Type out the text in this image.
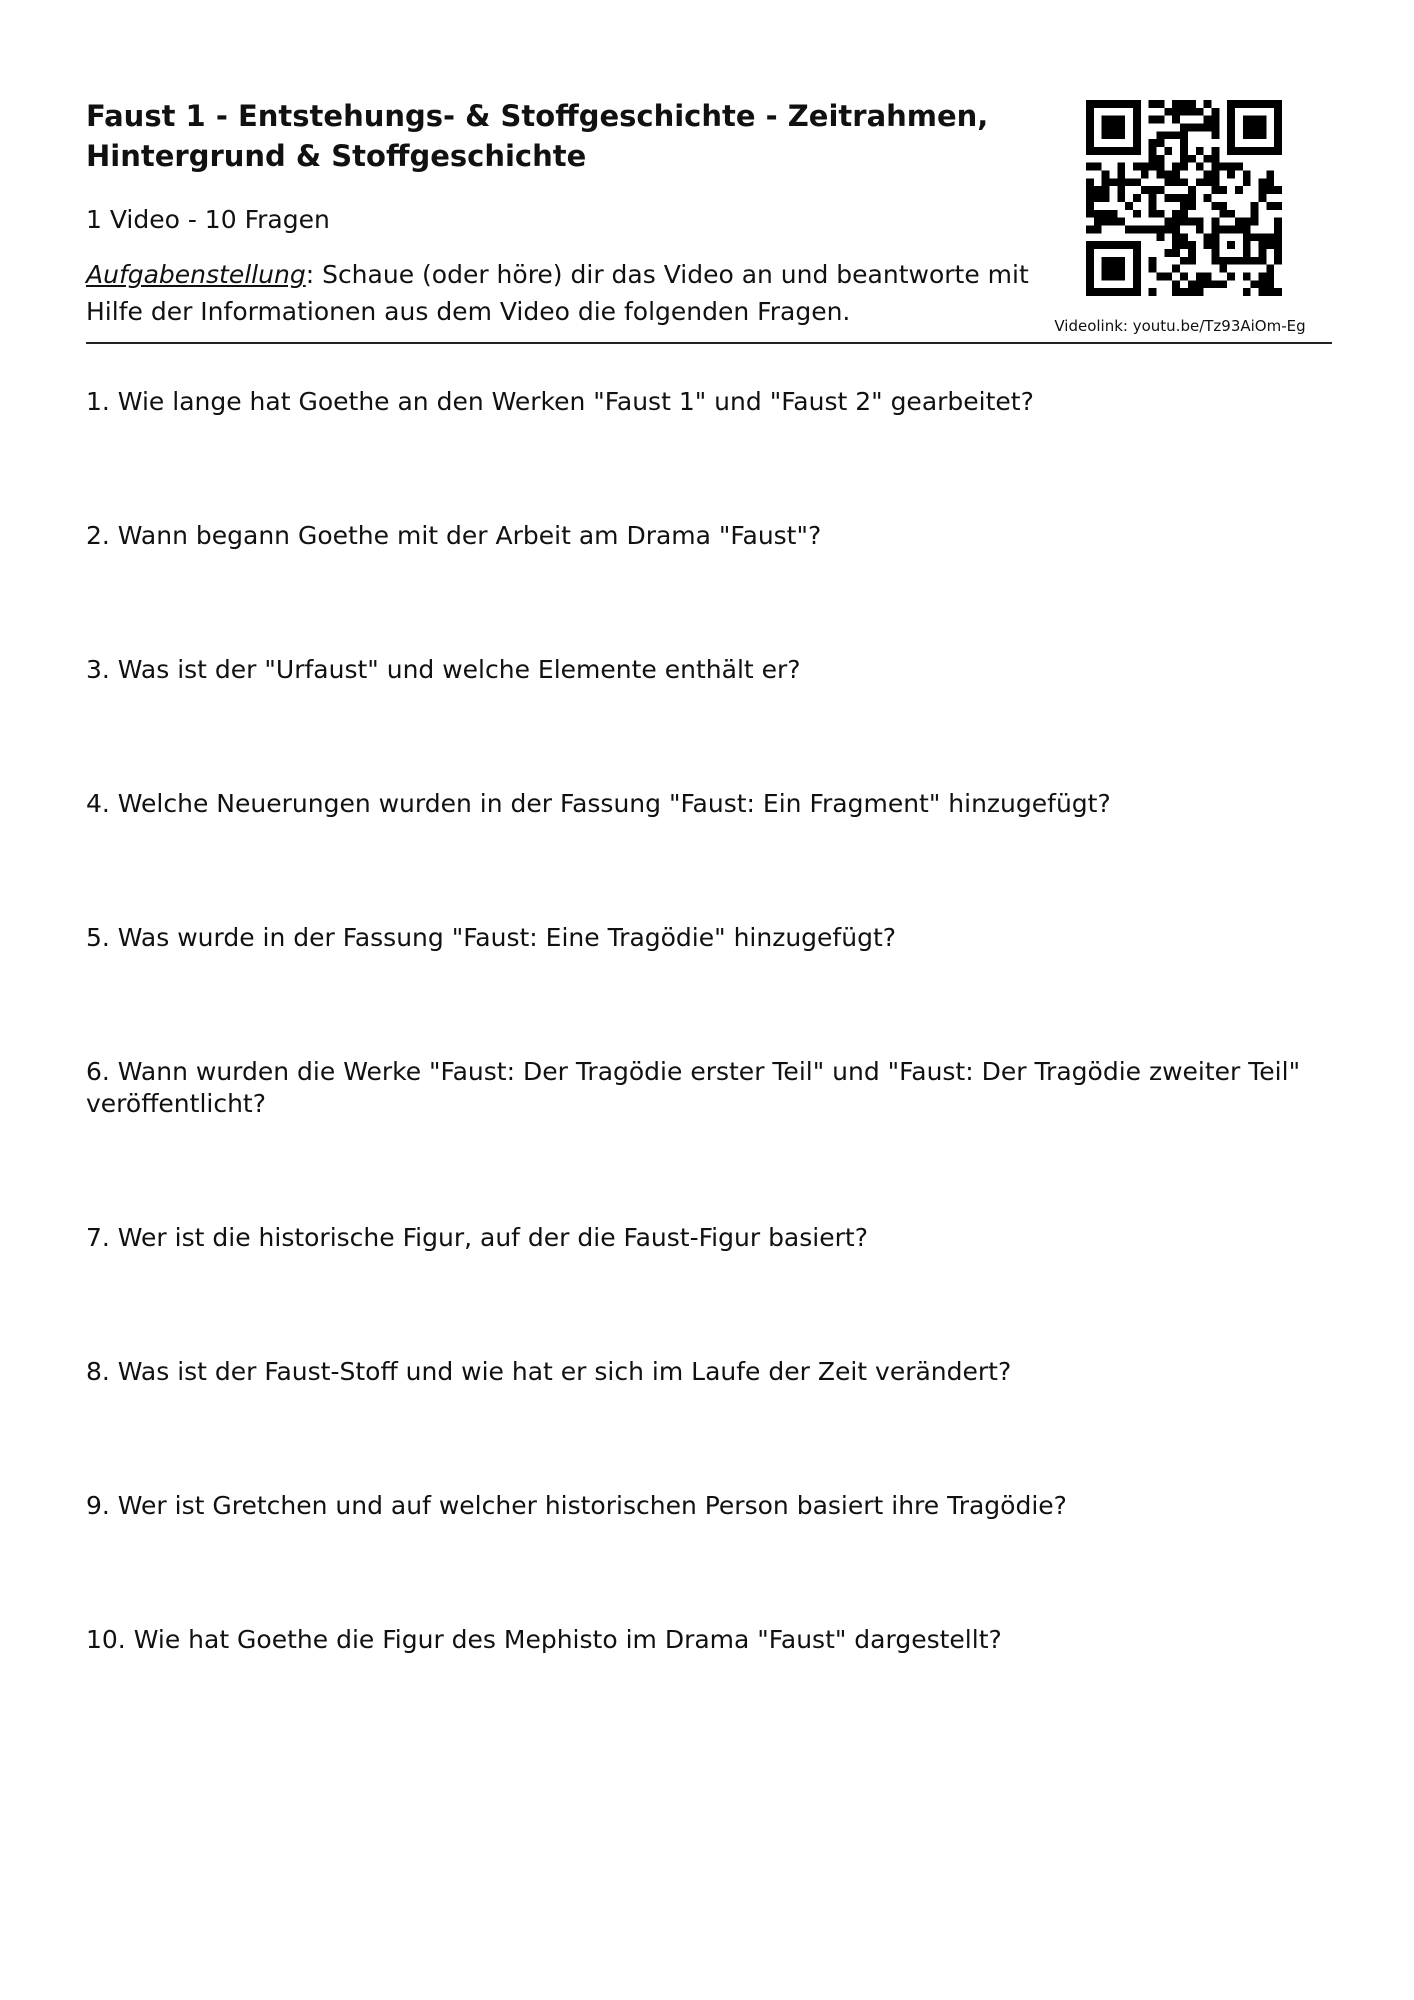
Faust 1 - Entstehungs- & Stoffgeschichte - Zeitrahmen, Hintergrund & Stoffgeschichte

1 Video - 10 Fragen

Aufgabenstellung: Schaue (oder höre) dir das Video an und beantworte mit Hilfe der Informationen aus dem Video die folgenden Fragen.	Videolink: youtu.be/Tz93AiOm-Eg

1. Wie lange hat Goethe an den Werken "Faust 1" und "Faust 2" gearbeitet?
2. Wann begann Goethe mit der Arbeit am Drama "Faust"?
3. Was ist der "Urfaust" und welche Elemente enthält er?
4. Welche Neuerungen wurden in der Fassung "Faust: Ein Fragment" hinzugefügt?
5. Was wurde in der Fassung "Faust: Eine Tragödie" hinzugefügt?
6. Wann wurden die Werke "Faust: Der Tragödie erster Teil" und "Faust: Der Tragödie zweiter Teil" veröffentlicht?
7. Wer ist die historische Figur, auf der die Faust-Figur basiert?
8. Was ist der Faust-Stoff und wie hat er sich im Laufe der Zeit verändert?
9. Wer ist Gretchen und auf welcher historischen Person basiert ihre Tragödie?
10. Wie hat Goethe die Figur des Mephisto im Drama "Faust" dargestellt?
